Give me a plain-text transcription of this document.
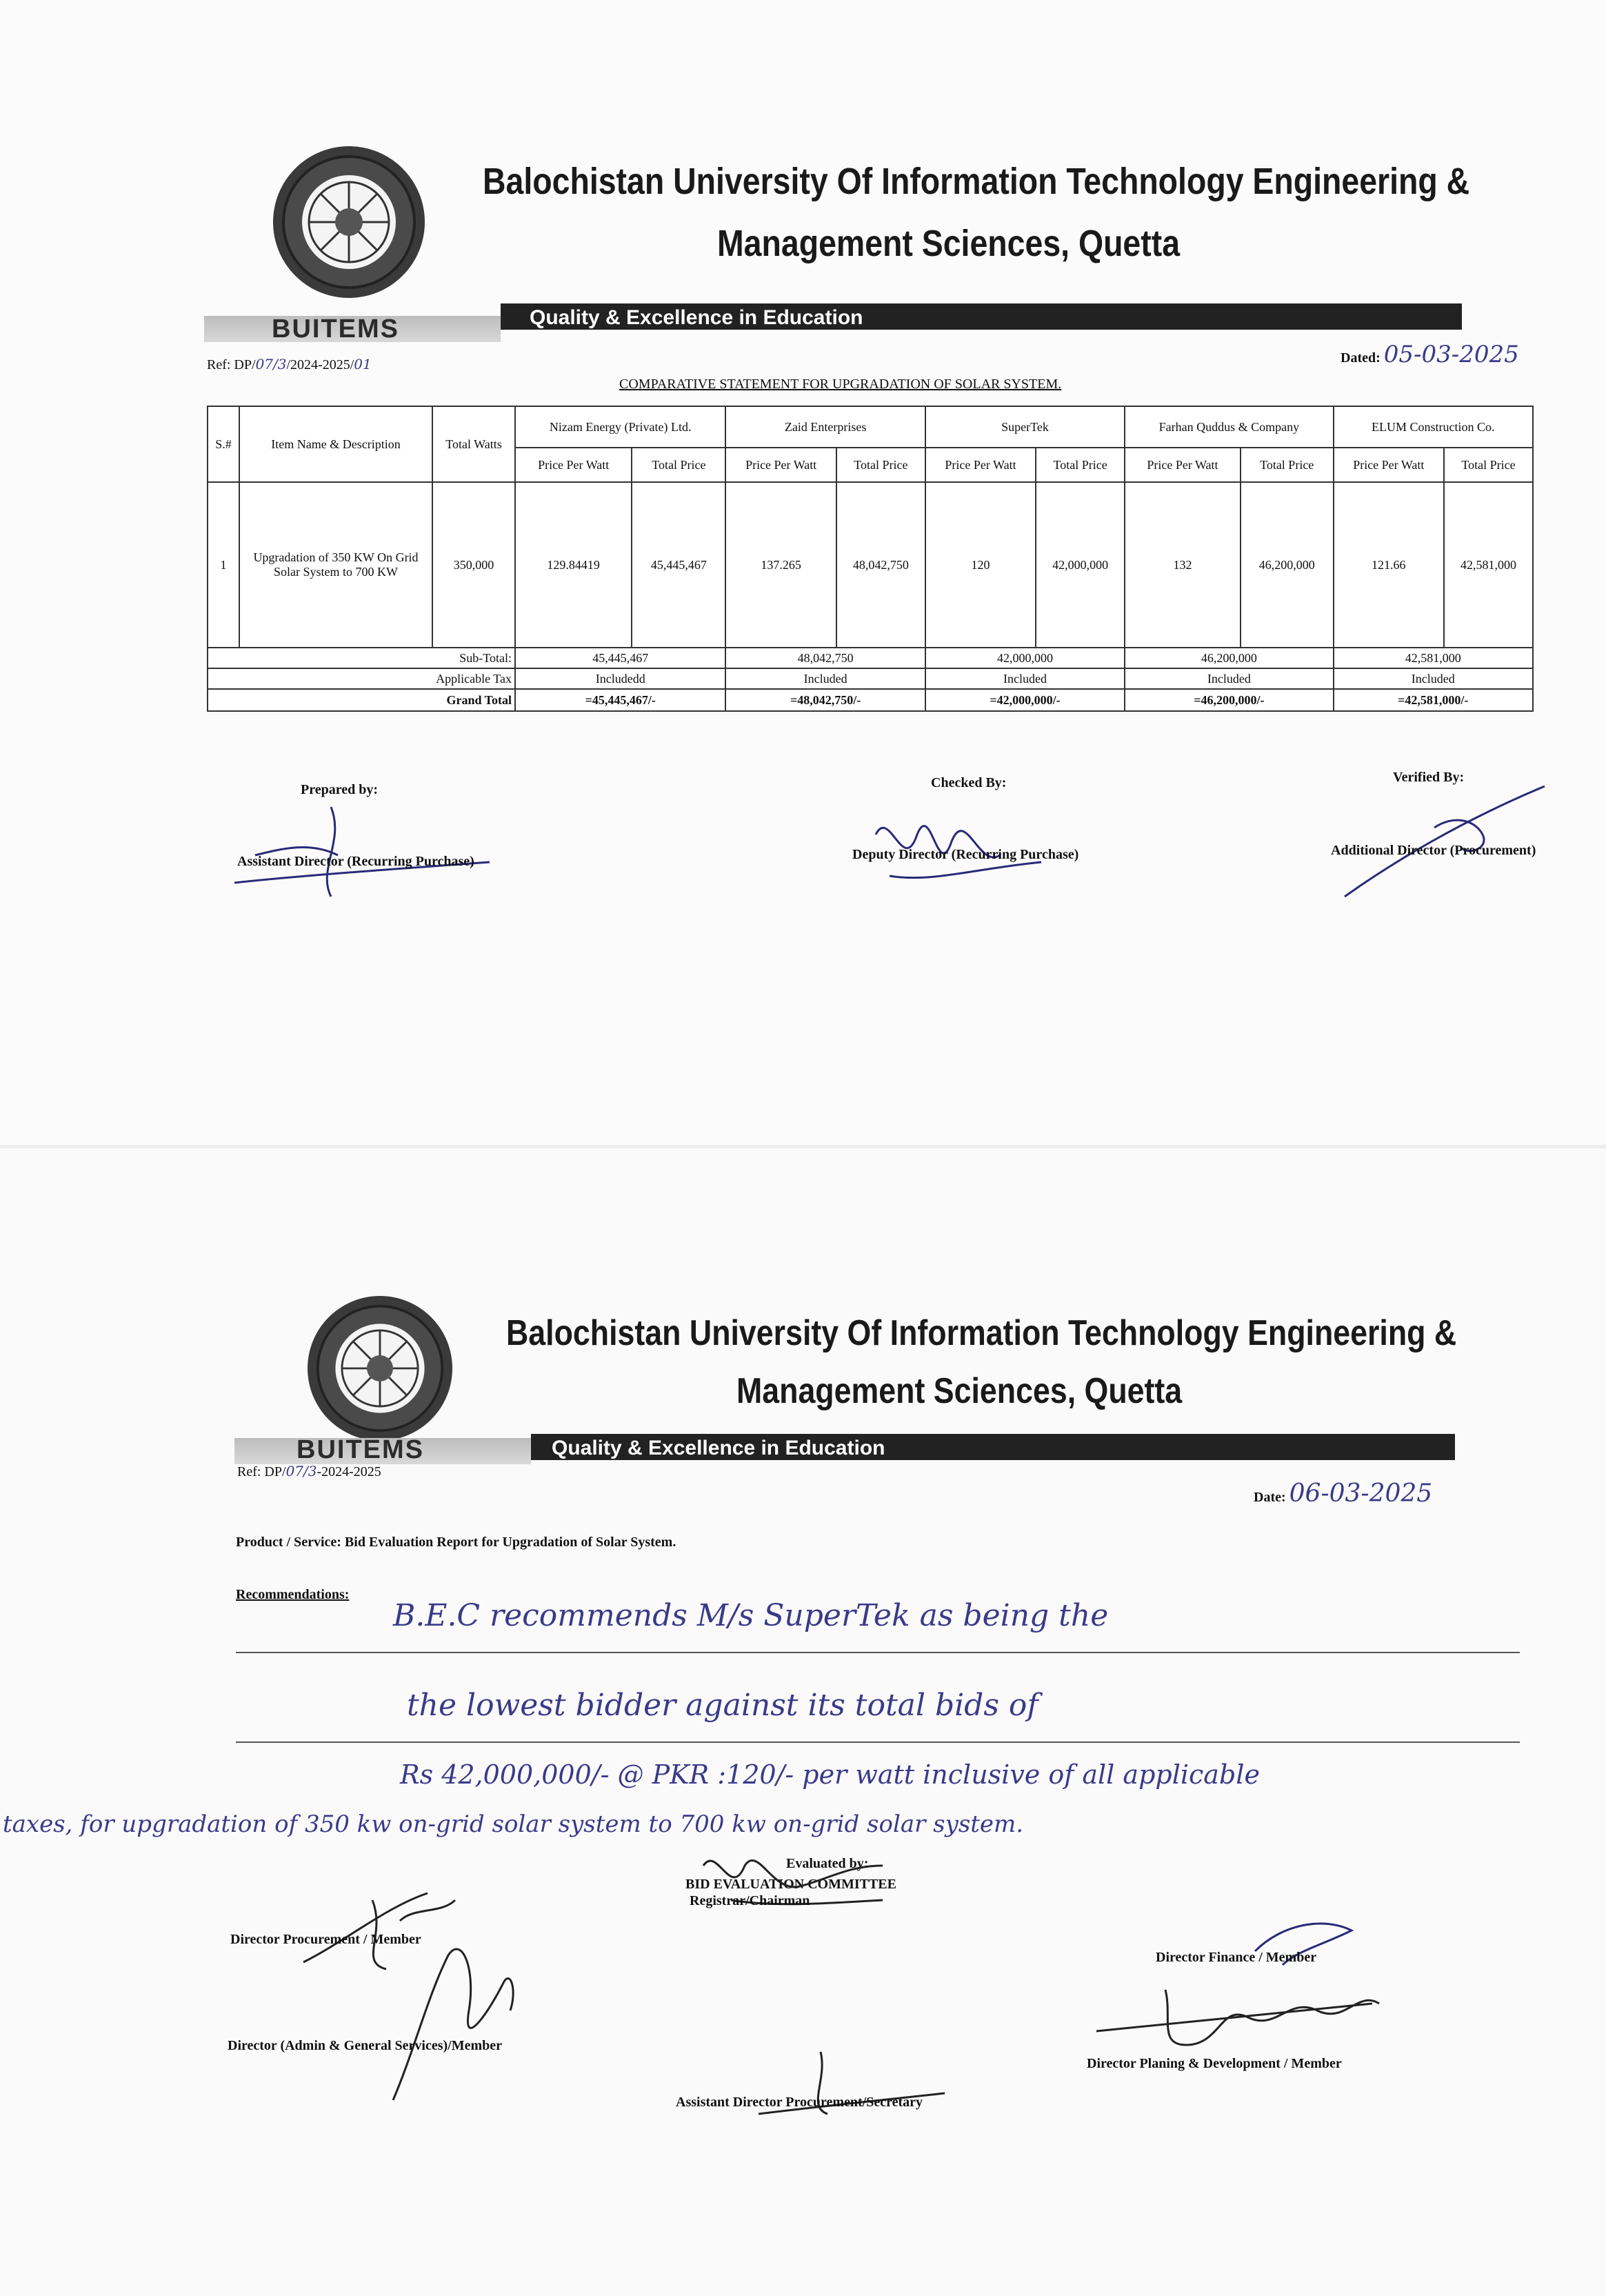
Balochistan University Of Information Technology Engineering &
Management Sciences, Quetta
BUITEMS	Quality & Excellence in Education
Ref: DP/07/3/2024-2025/01	Dated: 05-03-2025
COMPARATIVE STATEMENT FOR UPGRADATION OF SOLAR SYSTEM.
S.#	Item Name & Description	Total Watts	Nizam Energy (Private) Ltd.		Zaid Enterprises		SuperTek		Farhan Quddus & Company		ELUM Construction Co.	
			Price Per Watt	Total Price	Price Per Watt	Total Price	Price Per Watt	Total Price	Price Per Watt	Total Price	Price Per Watt	Total Price
1	Upgradation of 350 KW On Grid Solar System to 700 KW	350,000	129.84419	45,445,467	137.265	48,042,750	120	42,000,000	132	46,200,000	121.66	42,581,000
Sub-Total:			45,445,467		48,042,750		42,000,000		46,200,000		42,581,000	
Applicable Tax			Includedd		Included		Included		Included		Included	
Grand Total			=45,445,467/-		=48,042,750/-		=42,000,000/-		=46,200,000/-		=42,581,000/-	
Prepared by:
Assistant Director (Recurring Purchase)
Checked By:
Deputy Director (Recurring Purchase)
Verified By:
Additional Director (Procurement)
Balochistan University Of Information Technology Engineering &
Management Sciences, Quetta
BUITEMS	Quality & Excellence in Education
Ref: DP/07/3-2024-2025
Date: 06-03-2025
Product / Service: Bid Evaluation Report for Upgradation of Solar System.
Recommendations:
B.E.C recommends M/s SuperTek as being the
the lowest bidder against its total bids of
Rs 42,000,000/- @ PKR :120/- per watt inclusive of all applicable
taxes, for upgradation of 350 kw on-grid solar system to 700 kw on-grid solar system.
Evaluated by:
BID EVALUATION COMMITTEE
Registrar/Chairman
Director Procurement / Member
Director Finance / Member
Director (Admin & General Services)/Member
Director Planing & Development / Member
Assistant Director Procurement/Secretary
